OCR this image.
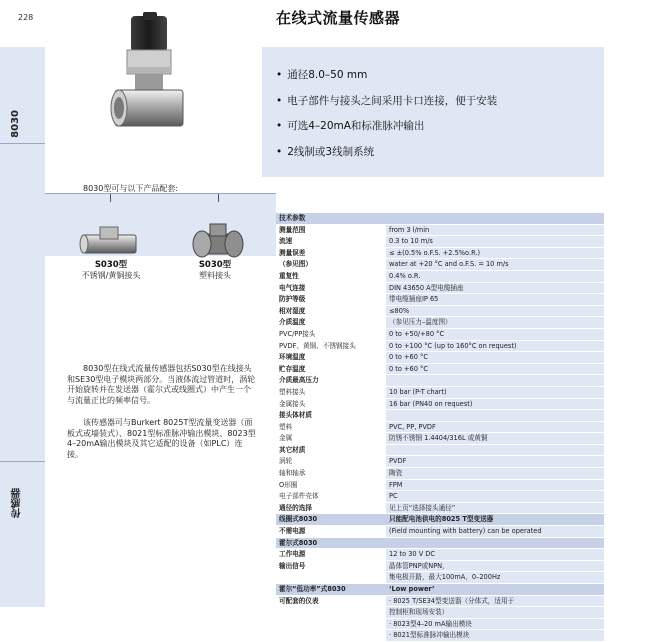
228	在线式流量传感器
8030
传感器
• 通径8.0–50 mm
• 电子部件与接头之间采用卡口连接，便于安装
• 可选4–20mA和标准脉冲输出
• 2线制或3线制系统
8030型可与以下产品配套:
S030型
不锈钢/黄铜接头
S030型
塑料接头

8030型在线式流量传感器包括S030型在线接头和SE30型电子模块两部分。当液体流过管道时，涡轮开始旋转并在发送器（霍尔式或线圈式）中产生一个与流量正比的频率信号。

该传感器可与Burkert 8025T型流量变送器（面板式或墙装式）、8021型标准脉冲输出模块、8023型4–20mA输出模块及其它适配的设备（如PLC）连接。

技术参数	
测量范围	from 3 l/min
流速	0.3 to 10 m/s
测量误差	≤ ±(0.5% o.F.S. +2.5%o.R.)
（参见图）	water at +20 °C and o.F.S. = 10 m/s
重复性	0.4% o.R.
电气连接	DIN 43650 A型电缆插座
防护等级	带电缆插座IP 65
相对湿度	≤80%
介质温度	（参见压力–温度图）
PVC/PP接头	0 to +50/+80 °C
PVDF、黄铜、不锈钢接头	0 to +100 °C (up to 160°C on request)
环境温度	0 to +60 °C
贮存温度	0 to +60 °C
介质最高压力	
塑料接头	10 bar (P-T chart)
金属接头	16 bar (PN40 on request)
接头体材质	
塑料	PVC, PP, PVDF
金属	防锈不锈钢 1.4404/316L 或黄铜
其它材质	
涡轮	PVDF
轴和轴承	陶瓷
O形圈	FPM
电子部件壳体	PC
通径的选择	见上页“选择接头通径”
线圈式8030	只能配电池供电的8025 T型变送器
不需电源	(Field mounting with battery) can be operated
霍尔式8030	
工作电源	12 to 30 V DC
输出信号	晶体管PNP或NPN，
	集电极开路，最大100mA，0–200Hz
霍尔“低功率”式8030	‘Low power’
可配套的仪表	· 8025 T/SE34型变送器（分体式，适用于
	控制柜和现场安装）
	· 8023型4–20 mA输出模块
	· 8021型标准脉冲输出模块
